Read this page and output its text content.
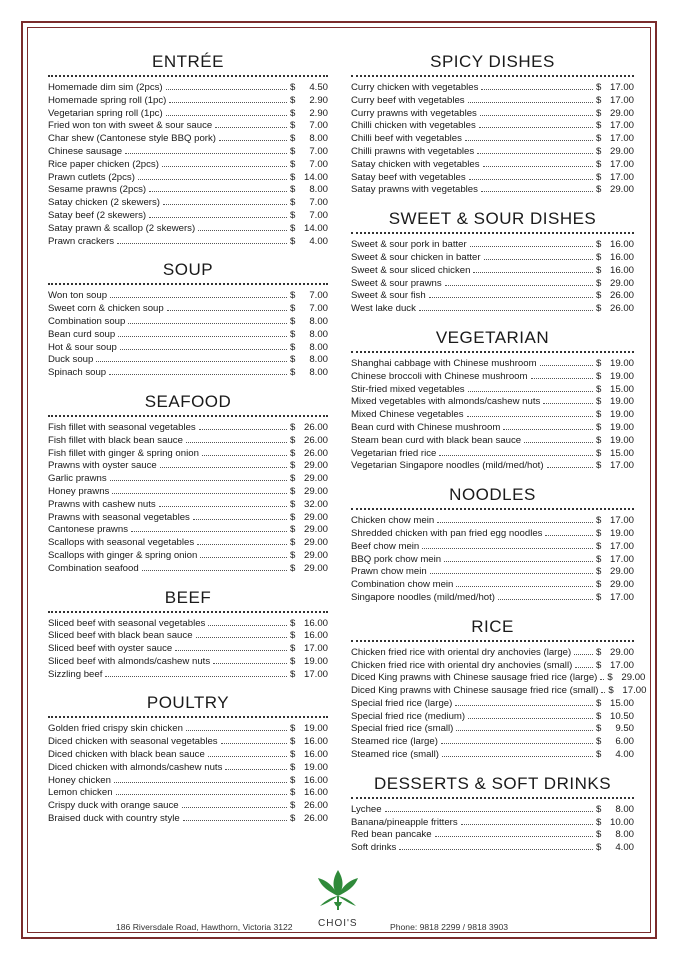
ENTRÉE
Homemade dim sim (2pcs)	$	4.50
Homemade spring roll (1pc)	$	2.90
Vegetarian spring roll (1pc)	$	2.90
Fried won ton with sweet & sour sauce	$	7.00
Char shew (Cantonese style BBQ pork)	$	8.00
Chinese sausage	$	7.00
Rice paper chicken (2pcs)	$	7.00
Prawn cutlets (2pcs)	$ 14.00
Sesame prawns (2pcs)	$	8.00
Satay chicken (2 skewers)	$	7.00
Satay beef (2 skewers)	$	7.00
Satay prawn & scallop (2 skewers)	$ 14.00
Prawn crackers	$	4.00
SOUP
Won ton soup	$	7.00
Sweet corn & chicken soup	$	7.00
Combination soup	$	8.00
Bean curd soup	$	8.00
Hot & sour soup	$	8.00
Duck soup	$	8.00
Spinach soup	$	8.00
SEAFOOD
Fish fillet with seasonal vegetables	$ 26.00
Fish fillet with black bean sauce	$ 26.00
Fish fillet with ginger & spring onion	$ 26.00
Prawns with oyster sauce	$ 29.00
Garlic prawns	$ 29.00
Honey prawns	$ 29.00
Prawns with cashew nuts	$ 32.00
Prawns with seasonal vegetables	$ 29.00
Cantonese prawns	$ 29.00
Scallops with seasonal vegetables	$ 29.00
Scallops with ginger & spring onion	$ 29.00
Combination seafood	$ 29.00
BEEF
Sliced beef with seasonal vegetables	$ 16.00
Sliced beef with black bean sauce	$ 16.00
Sliced beef with oyster sauce	$ 17.00
Sliced beef with almonds/cashew nuts	$ 19.00
Sizzling beef	$ 17.00
POULTRY
Golden fried crispy skin chicken	$ 19.00
Diced chicken with seasonal vegetables	$ 16.00
Diced chicken with black bean sauce	$ 16.00
Diced chicken with almonds/cashew nuts	$ 19.00
Honey chicken	$ 16.00
Lemon chicken	$ 16.00
Crispy duck with orange sauce	$ 26.00
Braised duck with country style	$ 26.00
SPICY DISHES
Curry chicken with vegetables	$ 17.00
Curry beef with vegetables	$ 17.00
Curry prawns with vegetables	$ 29.00
Chilli chicken with vegetables	$ 17.00
Chilli beef with vegetables	$ 17.00
Chilli prawns with vegetables	$ 29.00
Satay chicken with vegetables	$ 17.00
Satay beef with vegetables	$ 17.00
Satay prawns with vegetables	$ 29.00
SWEET & SOUR DISHES
Sweet & sour pork in batter	$ 16.00
Sweet & sour chicken in batter	$ 16.00
Sweet & sour sliced chicken	$ 16.00
Sweet & sour prawns	$ 29.00
Sweet & sour fish	$ 26.00
West lake duck	$ 26.00
VEGETARIAN
Shanghai cabbage with Chinese mushroom	$ 19.00
Chinese broccoli with Chinese mushroom	$ 19.00
Stir-fried mixed vegetables	$ 15.00
Mixed vegetables with almonds/cashew nuts	$ 19.00
Mixed Chinese vegetables	$ 19.00
Bean curd with Chinese mushroom	$ 19.00
Steam bean curd with black bean sauce	$ 19.00
Vegetarian fried rice	$ 15.00
Vegetarian Singapore noodles (mild/med/hot)	$ 17.00
NOODLES
Chicken chow mein	$ 17.00
Shredded chicken with pan fried egg noodles	$ 19.00
Beef chow mein	$ 17.00
BBQ pork chow mein	$ 17.00
Prawn chow mein	$ 29.00
Combination chow mein	$ 29.00
Singapore noodles (mild/med/hot)	$ 17.00
RICE
Chicken fried rice with oriental dry anchovies (large)	$ 29.00
Chicken fried rice with oriental dry anchovies (small) $ 17.00
Diced King prawns with Chinese sausage fried rice (large) $ 29.00
Diced King prawns with Chinese sausage fried rice (small) $ 17.00
Special fried rice (large)	$ 15.00
Special fried rice (medium)	$ 10.50
Special fried rice (small)	$	9.50
Steamed rice (large)	$	6.00
Steamed rice (small)	$	4.00
DESSERTS & SOFT DRINKS
Lychee	$	8.00
Banana/pineapple fritters	$ 10.00
Red bean pancake	$	8.00
Soft drinks	$	4.00
186 Riversdale Road, Hawthorn, Victoria 3122	CHOI'S	Phone: 9818 2299 / 9818 3903
